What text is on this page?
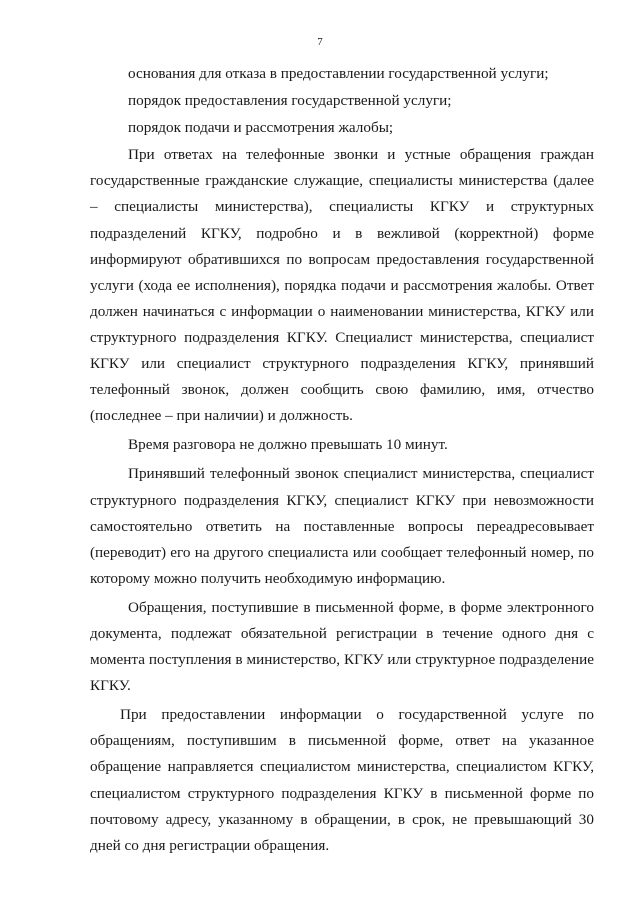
7

основания для отказа в предоставлении государственной услуги;

порядок предоставления государственной услуги;

порядок подачи и рассмотрения жалобы;

При ответах на телефонные звонки и устные обращения граждан государственные гражданские служащие, специалисты министерства (далее – специалисты министерства), специалисты КГКУ и структурных подразделений КГКУ, подробно и в вежливой (корректной) форме информируют обратившихся по вопросам предоставления государственной услуги (хода ее исполнения), порядка подачи и рассмотрения жалобы. Ответ должен начинаться с информации о наименовании министерства, КГКУ или структурного подразделения КГКУ. Специалист министерства, специалист КГКУ или специалист структурного подразделения КГКУ, принявший телефонный звонок, должен сообщить свою фамилию, имя, отчество (последнее – при наличии) и должность.

Время разговора не должно превышать 10 минут.

Принявший телефонный звонок специалист министерства, специалист структурного подразделения КГКУ, специалист КГКУ при невозможности самостоятельно ответить на поставленные вопросы переадресовывает (переводит) его на другого специалиста или сообщает телефонный номер, по которому можно получить необходимую информацию.

Обращения, поступившие в письменной форме, в форме электронного документа, подлежат обязательной регистрации в течение одного дня с момента поступления в министерство, КГКУ или структурное подразделение КГКУ.

При предоставлении информации о государственной услуге по обращениям, поступившим в письменной форме, ответ на указанное обращение направляется специалистом министерства, специалистом КГКУ, специалистом структурного подразделения КГКУ в письменной форме по почтовому адресу, указанному в обращении, в срок, не превышающий 30 дней со дня регистрации обращения.
